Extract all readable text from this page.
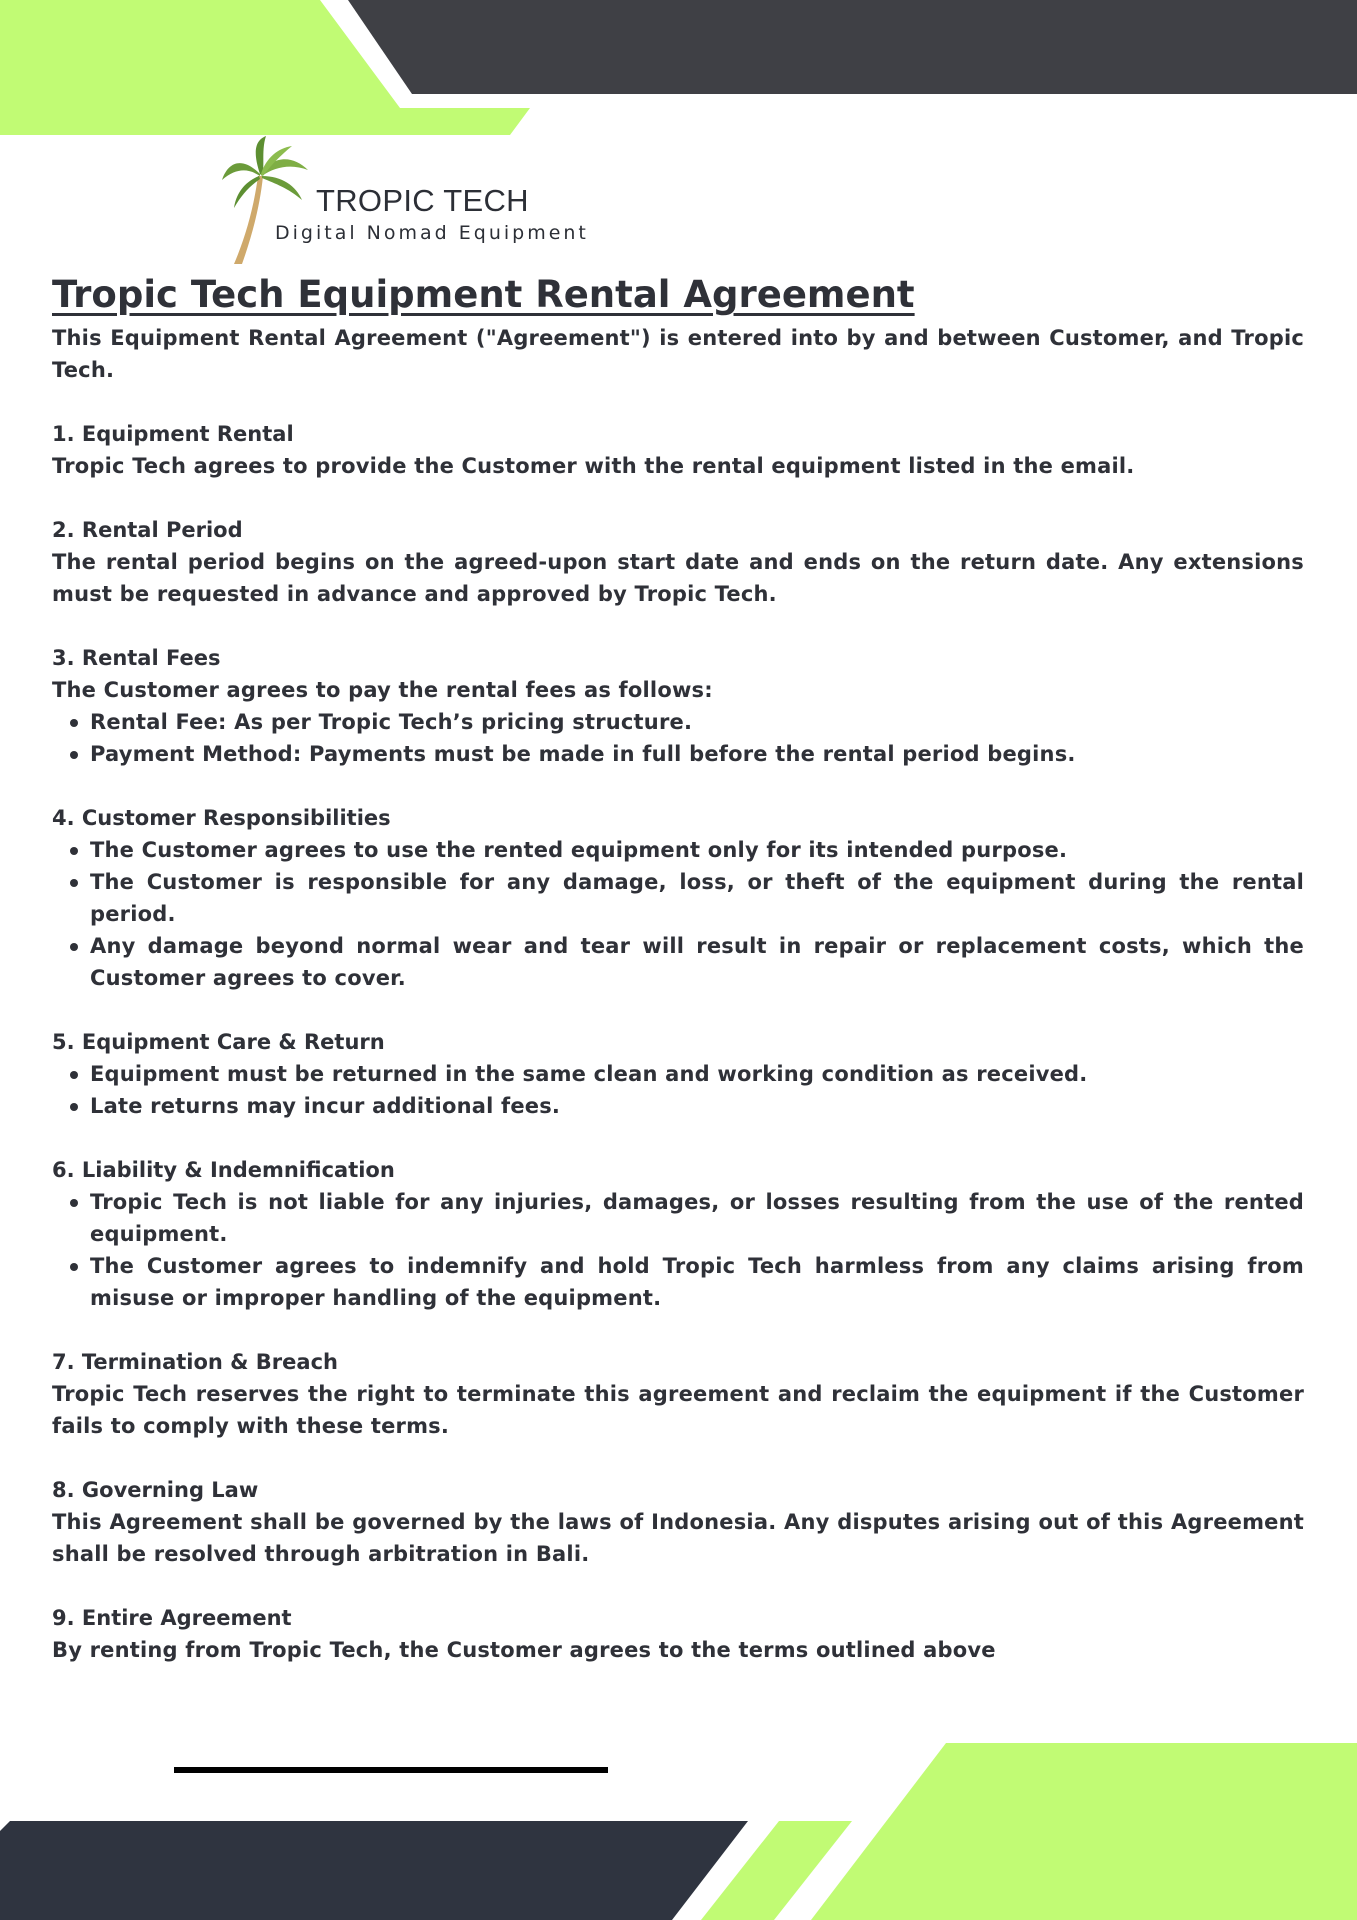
TROPIC TECH
Digital Nomad Equipment
Tropic Tech Equipment Rental Agreement

This Equipment Rental Agreement ("Agreement") is entered into by and between Customer, and Tropic Tech.

1. Equipment Rental

Tropic Tech agrees to provide the Customer with the rental equipment listed in the email.

2. Rental Period

The rental period begins on the agreed-upon start date and ends on the return date. Any extensions must be requested in advance and approved by Tropic Tech.

3. Rental Fees

The Customer agrees to pay the rental fees as follows:

Rental Fee: As per Tropic Tech’s pricing structure.
Payment Method: Payments must be made in full before the rental period begins.

4. Customer Responsibilities

The Customer agrees to use the rented equipment only for its intended purpose.
The Customer is responsible for any damage, loss, or theft of the equipment during the rental period.
Any damage beyond normal wear and tear will result in repair or replacement costs, which the Customer agrees to cover.

5. Equipment Care & Return

Equipment must be returned in the same clean and working condition as received.
Late returns may incur additional fees.

6. Liability & Indemnification

Tropic Tech is not liable for any injuries, damages, or losses resulting from the use of the rented equipment.
The Customer agrees to indemnify and hold Tropic Tech harmless from any claims arising from misuse or improper handling of the equipment.

7. Termination & Breach

Tropic Tech reserves the right to terminate this agreement and reclaim the equipment if the Customer fails to comply with these terms.

8. Governing Law

This Agreement shall be governed by the laws of Indonesia. Any disputes arising out of this Agreement shall be resolved through arbitration in Bali.

9. Entire Agreement

By renting from Tropic Tech, the Customer agrees to the terms outlined above
